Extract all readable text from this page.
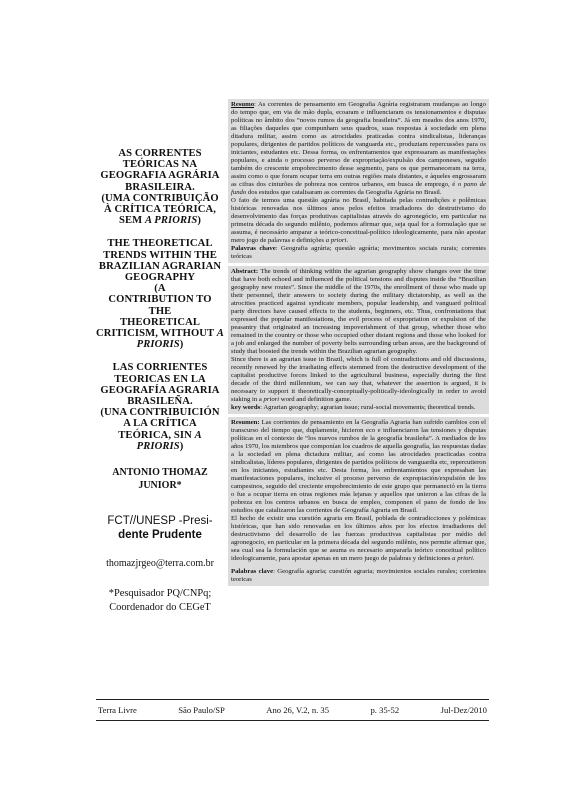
AS CORRENTES
TEÓRICAS NA
GEOGRAFIA AGRÁRIA
BRASILEIRA.
(UMA CONTRIBUIÇÃO
À CRÍTICA TEÓRICA,
SEM A PRIORIS)
THE THEORETICAL
TRENDS WITHIN THE
BRAZILIAN AGRARIAN
GEOGRAPHY
(A
CONTRIBUTION TO THE
THEORETICAL
CRITICISM, WITHOUT A
PRIORIS)
LAS CORRIENTES
TEORICAS EN LA
GEOGRAFÍA AGRARIA
BRASILEÑA.
(UNA CONTRIBUICIÓN
A LA CRÍTICA
TEÓRICA, SIN A
PRIORIS)
ANTONIO THOMAZ
JUNIOR*
FCT//UNESP -Presi-
dente Prudente
thomazjrgeo@terra.com.br
*Pesquisador PQ/CNPq;
Coordenador do CEGeT

Resumo: As correntes de pensamento em Geografia Agrária registraram mudanças ao longo do tempo que, em via de mão dupla, ecoaram e influenciaram os tensionamentos e disputas políticas no âmbito dos “novos rumos da geografia brasileira”. Já em meados dos anos 1970, as filiações daqueles que compunham seus quadros, suas respostas à sociedade em plena ditadura militar, assim como as atrocidades praticadas contra sindicalistas, lideranças populares, dirigentes de partidos políticos de vanguarda etc., produziam repercussões para os iniciantes, estudantes etc. Dessa forma, os enfrentamentos que expressaram as manifestações populares, e ainda o processo perverso de expropriação/expulsão dos camponeses, seguido também do crescente empobrecimento desse segmento, para os que permaneceram na terra, assim como o que foram ocupar terra em outras regiões mais distantes, e àqueles engrossaram as cifras dos cinturões de pobreza nos centros urbanos, em busca de emprego, é o pano de fundo dos estudos que catalisaram as correntes da Geografia Agrária no Brasil.

O fato de termos uma questão agrária no Brasil, habitada pelas contradições e polêmicas históricas renovadas nos últimos anos pelos efeitos irradiadores do destrutivismo do desenvolvimento das forças produtivas capitalistas através do agronegócio, em particular na primeira década do segundo milênio, podemos afirmar que, seja qual for a formulação que se assuma, é necessário amparar a teórico-conceitual-político ideologicamente, para não apostar mero jogo de palavras e definições a priori.

Palavras chave: Geografia agrária; questão agrária; movimentos sociais rurais; correntes teóricas

Abstract: The trends of thinking within the agrarian geography show changes over the time that have both echoed and influenced the political tensions and disputes inside the “Brazilian geography new routes”. Since the middle of the 1970s, the enrollment of those who made up their personnel, their answers to society during the military dictatorship, as well as the atrocities practiced against syndicate members, popular leadership, and vanguard political party directors have caused effects to the students, beginners, etc. Thus, confrontations that expressed the popular manifestations, the evil process of expropriation or expulsion of the peasantry that originated an increasing impoverishment of that group, whether those who remained in the country or those who occupied other distant regions and those who looked for a job and enlarged the number of poverty belts surrounding urban areas, are the background of study that boosted the trends within the Brazilian agrarian geography.

Since there is an agrarian issue in Brazil, which is full of contradictions and old discussions, recently renewed by the irradiating effects stemmed from the destructive development of the capitalist productive forces linked to the agricultural business, especially during the first decade of the third millennium, we can say that, whatever the assertion is argued, it is necessary to support it theoretically-conceptually-politically-ideologically in order to avoid staking in a priori word and definition game.

key words: Agrarian geography; agrarian issue; rural-social movements; theoretical trends.

Resumen: Las corrientes de pensamiento en la Geografía Agraria han sufrido cambios con el transcurso del tiempo que, duplamente, hicieron eco e influenciaron las tensiones y disputas políticas en el contexto de “los nuevos rumbos de la geografía brasileña”. A mediados de los años 1970, los miembros que componían los cuadros de aquella geografía, las respuestas dadas a la sociedad en plena dictadura militar, así como las atrocidades practicadas contra sindicalistas, líderes populares, dirigentes de partidos políticos de vanguardia etc, repercutieron en los iniciantes, estudiantes etc. Desta forma, los enfrentamientos que expresaban las manifestaciones populares, inclusive el proceso perverso de expropiación/expulsión de los campesinos, seguido del creciente empobrecimiento de este grupo que permaneció en la tierra o fue a ocupar tierra en otras regiones más lejanas y aquellos que unieron a las cifras de la pobreza en los centros urbanos en busca de empleo, componen el pano de fondo de los estudios que catalizaron las corrientes de Geografía Agraria en Brasil.

El hecho de existir una cuestión agraria em Brasil, poblada de contradicciones y polémicas históricas, que han sido renovadas en los últimos años por los efectos irradiadores del destructivismo del desarrollo de las fuerzas productivas capitalistas por médio del agronegocio, en particular en la primera década del segundo milênio, nos permite afirmar que, sea cual sea la formulación que se asuma es necesario ampararla teórico conceitual político ideologicamente, para apostar apenas en un mero juego de palabras y definiciones a priori.

Palabras clave: Geografía agraria; cuestión agraria; movimientos sociales rurales; corrientes teoricas

Terra Livre	São Paulo/SP	Ano 26, V.2, n. 35	p. 35-52	Jul-Dez/2010
